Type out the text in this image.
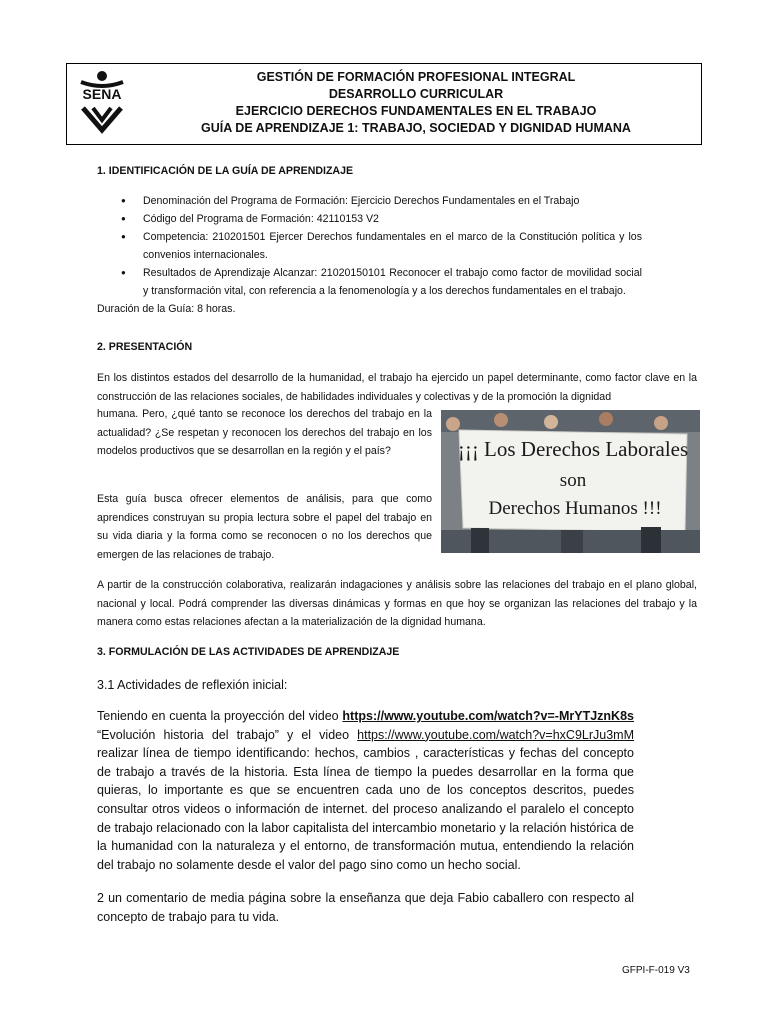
SENA
GESTIÓN DE FORMACIÓN PROFESIONAL INTEGRAL
DESARROLLO CURRICULAR
EJERCICIO DERECHOS FUNDAMENTALES EN EL TRABAJO
GUÍA DE APRENDIZAJE 1: TRABAJO, SOCIEDAD Y DIGNIDAD HUMANA
1. IDENTIFICACIÓN DE LA GUÍA DE APRENDIZAJE
● Denominación del Programa de Formación: Ejercicio Derechos Fundamentales en el Trabajo
● Código del Programa de Formación: 42110153 V2
● Competencia: 210201501 Ejercer Derechos fundamentales en el marco de la Constitución política y los convenios internacionales.
● Resultados de Aprendizaje Alcanzar: 21020150101 Reconocer el trabajo como factor de movilidad social y transformación vital, con referencia a la fenomenología y a los derechos fundamentales en el trabajo.
Duración de la Guía: 8 horas.
2. PRESENTACIÓN
En los distintos estados del desarrollo de la humanidad, el trabajo ha ejercido un papel determinante, como factor clave en la construcción de las relaciones sociales, de habilidades individuales y colectivas y de la promoción la dignidad
humana. Pero, ¿qué tanto se reconoce los derechos del trabajo en la actualidad? ¿Se respetan y reconocen los derechos del trabajo en los modelos productivos que se desarrollan en la región y el país?
Esta guía busca ofrecer elementos de análisis, para que como aprendices construyan su propia lectura sobre el papel del trabajo en su vida diaria y la forma como se reconocen o no los derechos que emergen de las relaciones de trabajo.
¡¡¡ Los Derechos Laborales
son
Derechos Humanos !!!
A partir de la construcción colaborativa, realizarán indagaciones y análisis sobre las relaciones del trabajo en el plano global, nacional y local. Podrá comprender las diversas dinámicas y formas en que hoy se organizan las relaciones del trabajo y la manera como estas relaciones afectan a la materialización de la dignidad humana.
3. FORMULACIÓN DE LAS ACTIVIDADES DE APRENDIZAJE
3.1 Actividades de reflexión inicial:
Teniendo en cuenta la proyección del video https://www.youtube.com/watch?v=-MrYTJznK8s “Evolución historia del trabajo” y el video https://www.youtube.com/watch?v=hxC9LrJu3mM realizar línea de tiempo identificando: hechos, cambios , características y fechas del concepto de trabajo a través de la historia. Esta línea de tiempo la puedes desarrollar en la forma que quieras, lo importante es que se encuentren cada uno de los conceptos descritos, puedes consultar otros videos o información de internet. del proceso analizando el paralelo el concepto de trabajo relacionado con la labor capitalista del intercambio monetario y la relación histórica de la humanidad con la naturaleza y el entorno, de transformación mutua, entendiendo la relación del trabajo no solamente desde el valor del pago sino como un hecho social.
2 un comentario de media página sobre la enseñanza que deja Fabio caballero con respecto al concepto de trabajo para tu vida.
GFPI-F-019 V3
